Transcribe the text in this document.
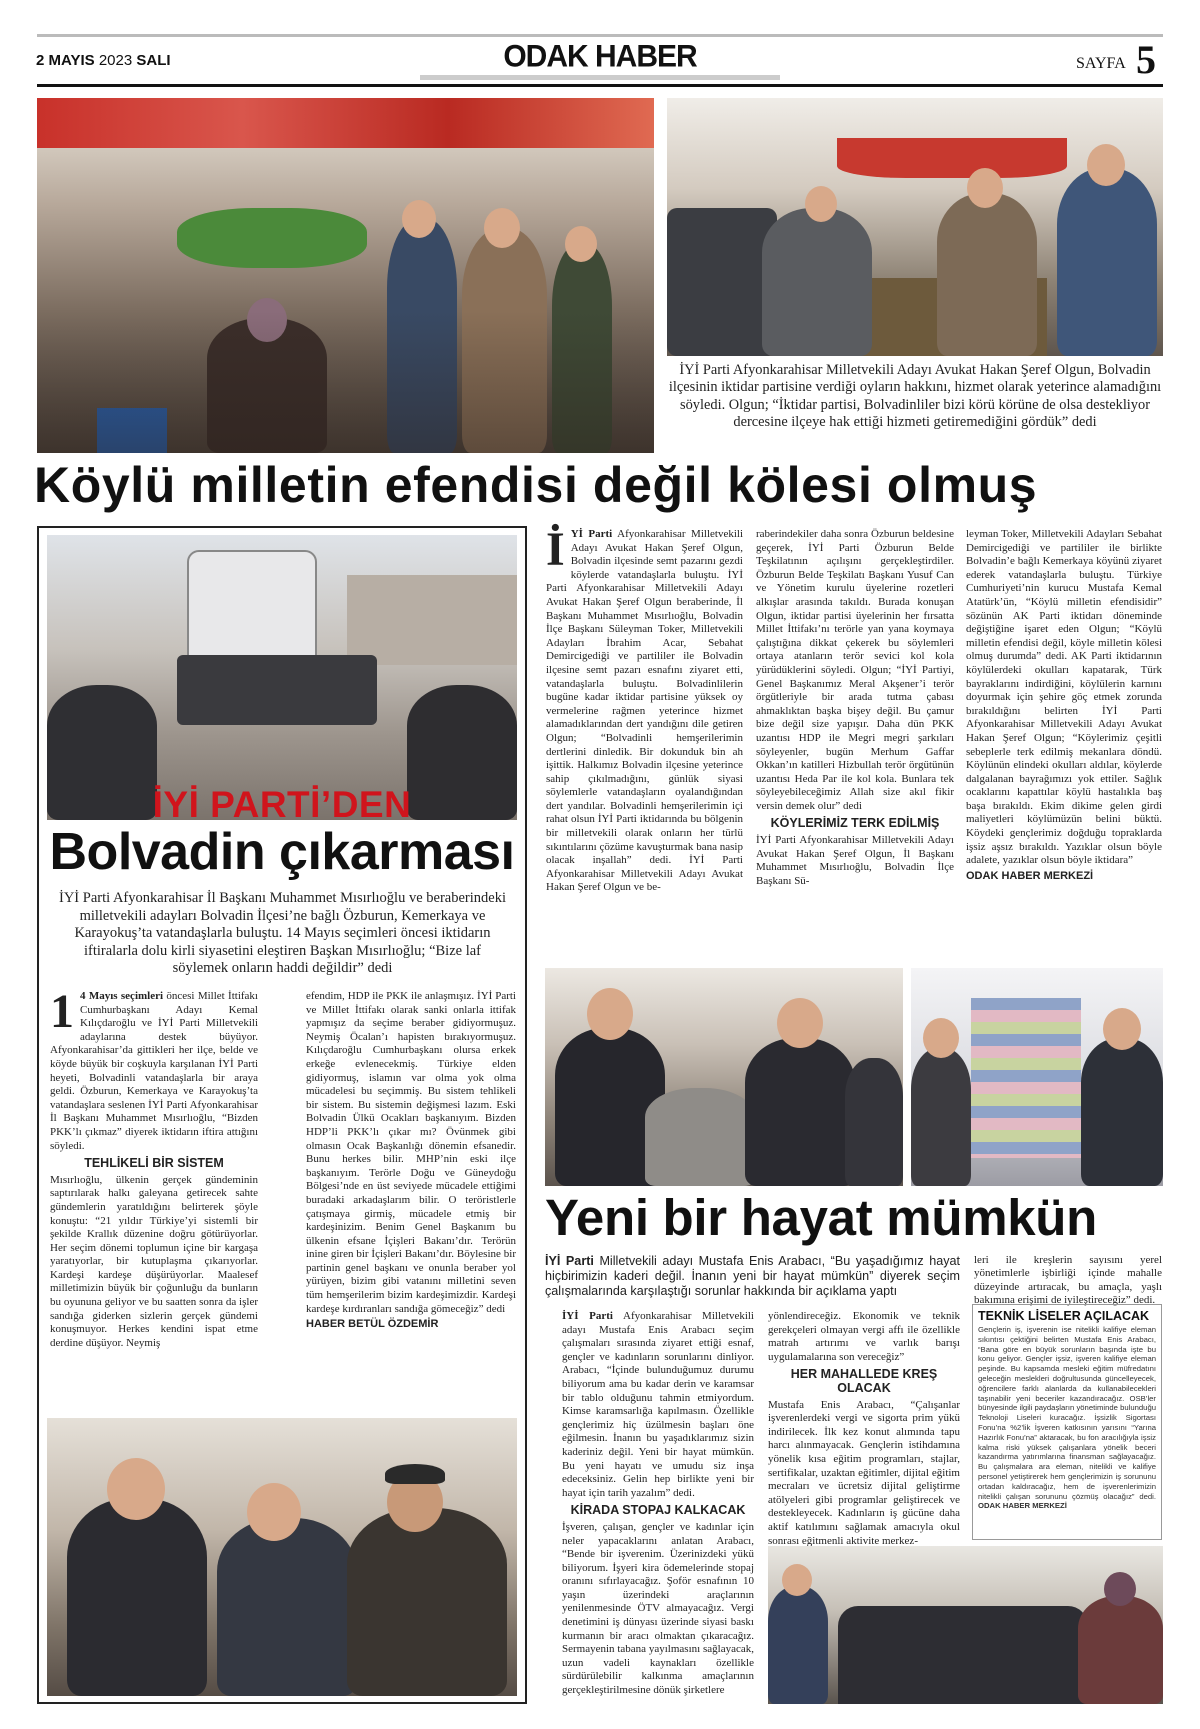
2 MAYIS 2023 SALI	ODAK HABER	SAYFA 5
İYİ Parti Afyonkarahisar Milletvekili Adayı Avukat Hakan Şeref Olgun, Bolvadin ilçesinin iktidar partisine verdiği oyların hakkını, hizmet olarak yeterince alamadığını söyledi. Olgun; “İktidar partisi, Bolvadinliler bizi körü körüne de olsa destekliyor dercesine ilçeye hak ettiği hizmeti getiremediğini gördük” dedi
Köylü milletin efendisi değil kölesi olmuş
İYİ PARTİ’DEN
Bolvadin çıkarması
İYİ Parti Afyonkarahisar İl Başkanı Muhammet Mısırlıoğlu ve beraberindeki milletvekili adayları Bolvadin İlçesi’ne bağlı Özburun, Kemerkaya ve Karayokuş’ta vatandaşlarla buluştu. 14 Mayıs seçimleri öncesi iktidarın iftiralarla dolu kirli siyasetini eleştiren Başkan Mısırlıoğlu; “Bize laf söylemek onların haddi değildir” dedi
1 4 Mayıs seçimleri öncesi Millet İttifakı Cumhurbaşkanı Adayı Kemal Kılıçdaroğlu ve İYİ Parti Milletvekili adaylarına destek büyüyor. Afyonkarahisar’da gittikleri her ilçe, belde ve köyde büyük bir coşkuyla karşılanan İYİ Parti heyeti, Bolvadinli vatandaşlarla bir araya geldi. Özburun, Kemerkaya ve Karayokuş’ta vatandaşlara seslenen İYİ Parti Afyonkarahisar İl Başkanı Muhammet Mısırlıoğlu, “Bizden PKK’lı çıkmaz” diyerek iktidarın iftira attığını söyledi.
TEHLİKELİ BİR SİSTEM
Mısırlıoğlu, ülkenin gerçek gündeminin saptırılarak halkı galeyana getirecek sahte gündemlerin yaratıldığını belirterek şöyle konuştu: “21 yıldır Türkiye’yi sistemli bir şekilde Krallık düzenine doğru götürüyorlar. Her seçim dönemi toplumun içine bir kargaşa yaratıyorlar, bir kutuplaşma çıkarıyorlar. Kardeşi kardeşe düşürüyorlar. Maalesef milletimizin büyük bir çoğunluğu da bunların bu oyununa geliyor ve bu saatten sonra da işler sandığa giderken sizlerin gerçek gündemi konuşmuyor. Herkes kendini ispat etme derdine düşüyor. Neymiş
efendim, HDP ile PKK ile anlaşmışız. İYİ Parti ve Millet İttifakı olarak sanki onlarla ittifak yapmışız da seçime beraber gidiyormuşuz. Neymiş Öcalan’ı hapisten bırakıyormuşuz. Kılıçdaroğlu Cumhurbaşkanı olursa erkek erkeğe evlenecekmiş. Türkiye elden gidiyormuş, islamın var olma yok olma mücadelesi bu seçimmiş. Bu sistem tehlikeli bir sistem. Bu sistemin değişmesi lazım. Eski Bolvadin Ülkü Ocakları başkanıyım. Bizden HDP’li PKK’lı çıkar mı? Övünmek gibi olmasın Ocak Başkanlığı dönemin efsanedir. Bunu herkes bilir. MHP’nin eski ilçe başkanıyım. Terörle Doğu ve Güneydoğu Bölgesi’nde en üst seviyede mücadele ettiğimi buradaki arkadaşlarım bilir. O teröristlerle çatışmaya girmiş, mücadele etmiş bir kardeşinizim. Benim Genel Başkanım bu ülkenin efsane İçişleri Bakanı’dır. Terörün inine giren bir İçişleri Bakanı’dır. Böylesine bir partinin genel başkanı ve onunla beraber yol yürüyen, bizim gibi vatanını milletini seven tüm hemşerilerim bizim kardeşimizdir. Kardeşi kardeşe kırdıranları sandığa gömeceğiz” dedi
HABER BETÜL ÖZDEMİR
İ Yİ Parti Afyonkarahisar Milletvekili Adayı Avukat Hakan Şeref Olgun, Bolvadin ilçesinde semt pazarını gezdi köylerde vatandaşlarla buluştu. İYİ Parti Afyonkarahisar Milletvekili Adayı Avukat Hakan Şeref Olgun beraberinde, İl Başkanı Muhammet Mısırlıoğlu, Bolvadin İlçe Başkanı Süleyman Toker, Milletvekili Adayları İbrahim Acar, Sebahat Demircigediği ve partililer ile Bolvadin ilçesine semt pazarı esnafını ziyaret etti, vatandaşlarla buluştu. Bolvadinlilerin bugüne kadar iktidar partisine yüksek oy vermelerine rağmen yeterince hizmet alamadıklarından dert yandığını dile getiren Olgun; “Bolvadinli hemşerilerimin dertlerini dinledik. Bir dokunduk bin ah işittik. Halkımız Bolvadin ilçesine yeterince sahip çıkılmadığını, günlük siyasi söylemlerle vatandaşların oyalandığından dert yandılar. Bolvadinli hemşerilerimin içi rahat olsun İYİ Parti iktidarında bu bölgenin bir milletvekili olarak onların her türlü sıkıntılarını çözüme kavuşturmak bana nasip olacak inşallah” dedi. İYİ Parti Afyonkarahisar Milletvekili Adayı Avukat Hakan Şeref Olgun ve be-
raberindekiler daha sonra Özburun beldesine geçerek, İYİ Parti Özburun Belde Teşkilatının açılışını gerçekleştirdiler. Özburun Belde Teşkilatı Başkanı Yusuf Can ve Yönetim kurulu üyelerine rozetleri alkışlar arasında takıldı. Burada konuşan Olgun, iktidar partisi üyelerinin her fırsatta Millet İttifakı’nı terörle yan yana koymaya çalıştığına dikkat çekerek bu söylemleri ortaya atanların terör sevici kol kola yürüdüklerini söyledi. Olgun; “İYİ Partiyi, Genel Başkanımız Meral Akşener’i terör örgütleriyle bir arada tutma çabası ahmaklıktan başka bişey değil. Bu çamur bize değil size yapışır. Daha dün PKK uzantısı HDP ile Megri megri şarkıları söyleyenler, bugün Merhum Gaffar Okkan’ın katilleri Hizbullah terör örgütünün uzantısı Heda Par ile kol kola. Bunlara tek söyleyebileceğimiz Allah size akıl fikir versin demek olur” dedi
KÖYLERİMİZ TERK EDİLMİŞ
İYİ Parti Afyonkarahisar Milletvekili Adayı Avukat Hakan Şeref Olgun, İl Başkanı Muhammet Mısırlıoğlu, Bolvadin İlçe Başkanı Sü-
leyman Toker, Milletvekili Adayları Sebahat Demircigediği ve partililer ile birlikte Bolvadin’e bağlı Kemerkaya köyünü ziyaret ederek vatandaşlarla buluştu. Türkiye Cumhuriyeti’nin kurucu Mustafa Kemal Atatürk’ün, “Köylü milletin efendisidir” sözünün AK Parti iktidarı döneminde değiştiğine işaret eden Olgun; “Köylü milletin efendisi değil, köyle milletin kölesi olmuş durumda” dedi. AK Parti iktidarının köylülerdeki okulları kapatarak, Türk bayraklarını indirdiğini, köylülerin karnını doyurmak için şehire göç etmek zorunda bırakıldığını belirten İYİ Parti Afyonkarahisar Milletvekili Adayı Avukat Hakan Şeref Olgun; “Köylerimiz çeşitli sebeplerle terk edilmiş mekanlara döndü. Köylünün elindeki okulları aldılar, köylerde dalgalanan bayrağımızı yok ettiler. Sağlık ocaklarını kapattılar köylü hastalıkla baş başa bırakıldı. Ekim dikime gelen girdi maliyetleri köylümüzün belini büktü. Köydeki gençlerimiz doğduğu topraklarda işsiz aşsız bırakıldı. Yazıklar olsun böyle adalete, yazıklar olsun böyle iktidara”
ODAK HABER MERKEZİ
Yeni bir hayat mümkün
İYİ Parti Milletvekili adayı Mustafa Enis Arabacı, “Bu yaşadığımız hayat hiçbirimizin kaderi değil. İnanın yeni bir hayat mümkün” diyerek seçim çalışmalarında karşılaştığı sorunlar hakkında bir açıklama yaptı
leri ile kreşlerin sayısını yerel yönetimlerle işbirliği içinde mahalle düzeyinde artıracak, bu amaçla, yaşlı bakımına erişimi de iyileştireceğiz” dedi.
İYİ Parti Afyonkarahisar Milletvekili adayı Mustafa Enis Arabacı seçim çalışmaları sırasında ziyaret ettiği esnaf, gençler ve kadınların sorunlarını dinliyor. Arabacı, “İçinde bulunduğumuz durumu biliyorum ama bu kadar derin ve karamsar bir tablo olduğunu tahmin etmiyordum. Kimse karamsarlığa kapılmasın. Özellikle gençlerimiz hiç üzülmesin başları öne eğilmesin. İnanın bu yaşadıklarımız sizin kaderiniz değil. Yeni bir hayat mümkün. Bu yeni hayatı ve umudu siz inşa edeceksiniz. Gelin hep birlikte yeni bir hayat için tarih yazalım” dedi.
KİRADA STOPAJ KALKACAK
İşveren, çalışan, gençler ve kadınlar için neler yapacaklarını anlatan Arabacı, “Bende bir işverenim. Üzerinizdeki yükü biliyorum. İşyeri kira ödemelerinde stopaj oranını sıfırlayacağız. Şoför esnafının 10 yaşın üzerindeki araçlarının yenilenmesinde ÖTV almayacağız. Vergi denetimini iş dünyası üzerinde siyasi baskı kurmanın bir aracı olmaktan çıkaracağız. Sermayenin tabana yayılmasını sağlayacak, uzun vadeli kaynakları özellikle sürdürülebilir kalkınma amaçlarının gerçekleştirilmesine dönük şirketlere
yönlendireceğiz. Ekonomik ve teknik gerekçeleri olmayan vergi affı ile özellikle matrah artırımı ve varlık barışı uygulamalarına son vereceğiz”
HER MAHALLEDE KREŞ OLACAK
Mustafa Enis Arabacı, “Çalışanlar işverenlerdeki vergi ve sigorta prim yükü indirilecek. İlk kez konut alımında tapu harcı alınmayacak. Gençlerin istihdamına yönelik kısa eğitim programları, stajlar, sertifikalar, uzaktan eğitimler, dijital eğitim mecraları ve ücretsiz dijital geliştirme atölyeleri gibi programlar geliştirecek ve destekleyecek. Kadınların iş gücüne daha aktif katılımını sağlamak amacıyla okul sonrası eğitmenli aktivite merkez-
TEKNİK LİSELER AÇILACAK
Gençlerin iş, işverenin ise nitelikli kalifiye eleman sıkıntısı çektiğini belirten Mustafa Enis Arabacı, “Bana göre en büyük sorunların başında işte bu konu geliyor. Gençler işsiz, işveren kalifiye eleman peşinde. Bu kapsamda mesleki eğitim müfredatını geleceğin meslekleri doğrultusunda güncelleyecek, öğrencilere farklı alanlarda da kullanabilecekleri taşınabilir yeni beceriler kazandıracağız. OSB’ler bünyesinde ilgili paydaşların yönetiminde bulunduğu Teknoloji Liseleri kuracağız. İşsizlik Sigortası Fonu’na %2’lik İşveren katkısının yarısını “Yarına Hazırlık Fonu’na” aktaracak, bu fon aracılığıyla işsiz kalma riski yüksek çalışanlara yönelik beceri kazandırma yatırımlarına finansman sağlayacağız. Bu çalışmalara ara eleman, nitelikli ve kalifiye personel yetiştirerek hem gençlerimizin iş sorununu ortadan kaldıracağız, hem de işverenlerimizin nitelikli çalışan sorununu çözmüş olacağız” dedi. ODAK HABER MERKEZİ
